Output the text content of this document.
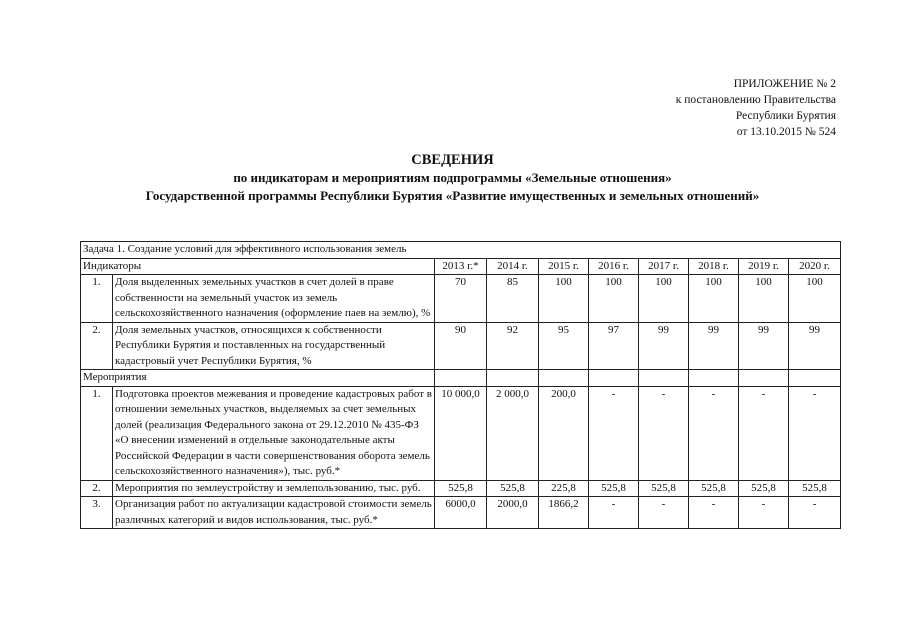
ПРИЛОЖЕНИЕ № 2
к постановлению Правительства
Республики Бурятия
от 13.10.2015 № 524
СВЕДЕНИЯ
по индикаторам и мероприятиям подпрограммы «Земельные отношения»
Государственной программы Республики Бурятия «Развитие имущественных и земельных отношений»
Задача 1. Создание условий для эффективного использования земель									
Индикаторы		2013 г.*	2014 г.	2015 г.	2016 г.	2017 г.	2018 г.	2019 г.	2020 г.
1.	Доля выделенных земельных участков в счет долей в праве собственности на земельный участок из земель сельскохозяйственного назначения (оформление паев на землю), %	70	85	100	100	100	100	100	100
2.	Доля земельных участков, относящихся к собственности Республики Бурятия и поставленных на государственный кадастровый учет Республики Бурятия, %	90	92	95	97	99	99	99	99
Мероприятия									
1.	Подготовка проектов межевания и проведение кадастровых работ в отношении земельных участков, выделяемых за счет земельных долей (реализация Федерального закона от 29.12.2010 № 435-ФЗ «О внесении изменений в отдельные законодательные акты Российской Федерации в части совершенствования оборота земель сельскохозяйственного назначения»), тыс. руб.*	10 000,0	2 000,0	200,0	-	-	-	-	-
2.	Мероприятия по землеустройству и землепользованию, тыс. руб.	525,8	525,8	225,8	525,8	525,8	525,8	525,8	525,8
3.	Организация работ по актуализации кадастровой стоимости земель различных категорий и видов использования, тыс. руб.*	6000,0	2000,0	1866,2	-	-	-	-	-
